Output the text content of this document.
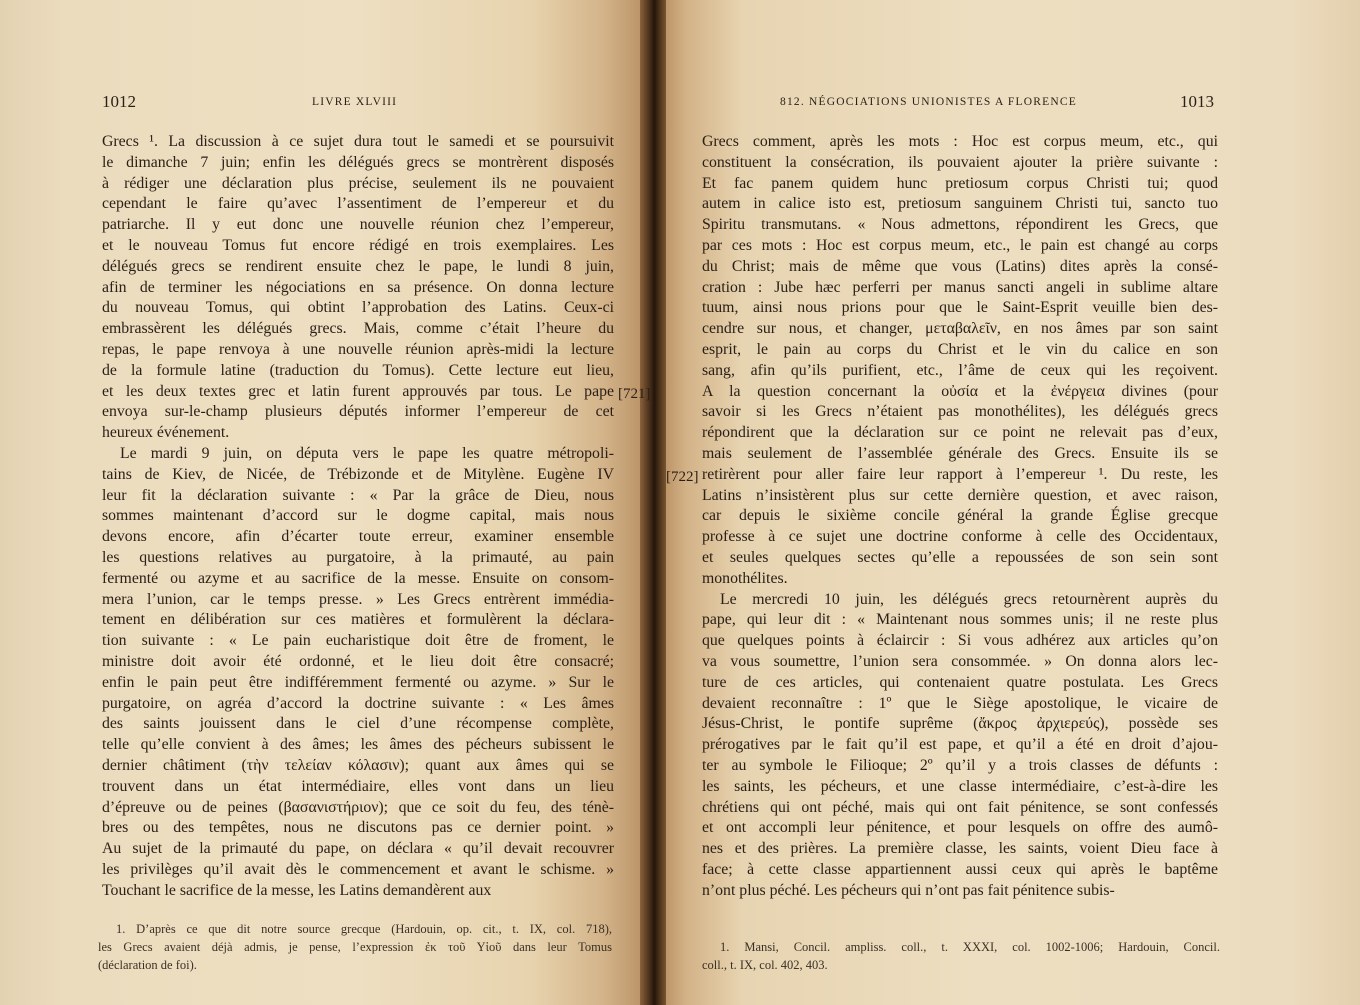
1012	LIVRE XLVIII
Grecs ¹. La discussion à ce sujet dura tout le samedi et se poursuivit
le dimanche 7 juin; enfin les délégués grecs se montrèrent disposés
à rédiger une déclaration plus précise, seulement ils ne pouvaient
cependant le faire qu’avec l’assentiment de l’empereur et du
patriarche. Il y eut donc une nouvelle réunion chez l’empereur,
et le nouveau Tomus fut encore rédigé en trois exemplaires. Les
délégués grecs se rendirent ensuite chez le pape, le lundi 8 juin,
afin de terminer les négociations en sa présence. On donna lecture
du nouveau Tomus, qui obtint l’approbation des Latins. Ceux-ci
embrassèrent les délégués grecs. Mais, comme c’était l’heure du
repas, le pape renvoya à une nouvelle réunion après-midi la lecture
de la formule latine (traduction du Tomus). Cette lecture eut lieu,
et les deux textes grec et latin furent approuvés par tous. Le pape
envoya sur-le-champ plusieurs députés informer l’empereur de cet
heureux événement.
Le mardi 9 juin, on députa vers le pape les quatre métropoli-
tains de Kiev, de Nicée, de Trébizonde et de Mitylène. Eugène IV
leur fit la déclaration suivante : « Par la grâce de Dieu, nous
sommes maintenant d’accord sur le dogme capital, mais nous
devons encore, afin d’écarter toute erreur, examiner ensemble
les questions relatives au purgatoire, à la primauté, au pain
fermenté ou azyme et au sacrifice de la messe. Ensuite on consom-
mera l’union, car le temps presse. » Les Grecs entrèrent immédia-
tement en délibération sur ces matières et formulèrent la déclara-
tion suivante : « Le pain eucharistique doit être de froment, le
ministre doit avoir été ordonné, et le lieu doit être consacré;
enfin le pain peut être indifféremment fermenté ou azyme. » Sur le
purgatoire, on agréa d’accord la doctrine suivante : « Les âmes
des saints jouissent dans le ciel d’une récompense complète,
telle qu’elle convient à des âmes; les âmes des pécheurs subissent le
dernier châtiment (τὴν τελείαν κόλασιν); quant aux âmes qui se
trouvent dans un état intermédiaire, elles vont dans un lieu
d’épreuve ou de peines (βασανιστήριον); que ce soit du feu, des ténè-
bres ou des tempêtes, nous ne discutons pas ce dernier point. »
Au sujet de la primauté du pape, on déclara « qu’il devait recouvrer
les privilèges qu’il avait dès le commencement et avant le schisme. »
Touchant le sacrifice de la messe, les Latins demandèrent aux
1. D’après ce que dit notre source grecque (Hardouin, op. cit., t. IX, col. 718),
les Grecs avaient déjà admis, je pense, l’expression ἐκ τοῦ Υἱοῦ dans leur Tomus
(déclaration de foi).
812. NÉGOCIATIONS UNIONISTES A FLORENCE	1013
Grecs comment, après les mots : Hoc est corpus meum, etc., qui
constituent la consécration, ils pouvaient ajouter la prière suivante :
Et fac panem quidem hunc pretiosum corpus Christi tui; quod
autem in calice isto est, pretiosum sanguinem Christi tui, sancto tuo
Spiritu transmutans. « Nous admettons, répondirent les Grecs, que
par ces mots : Hoc est corpus meum, etc., le pain est changé au corps
du Christ; mais de même que vous (Latins) dites après la consé-
cration : Jube hæc perferri per manus sancti angeli in sublime altare
tuum, ainsi nous prions pour que le Saint-Esprit veuille bien des-
cendre sur nous, et changer, μεταβαλεῖν, en nos âmes par son saint
esprit, le pain au corps du Christ et le vin du calice en son
sang, afin qu’ils purifient, etc., l’âme de ceux qui les reçoivent.
A la question concernant la οὐσία et la ἐνέργεια divines (pour
savoir si les Grecs n’étaient pas monothélites), les délégués grecs
répondirent que la déclaration sur ce point ne relevait pas d’eux,
mais seulement de l’assemblée générale des Grecs. Ensuite ils se
retirèrent pour aller faire leur rapport à l’empereur ¹. Du reste, les
Latins n’insistèrent plus sur cette dernière question, et avec raison,
car depuis le sixième concile général la grande Église grecque
professe à ce sujet une doctrine conforme à celle des Occidentaux,
et seules quelques sectes qu’elle a repoussées de son sein sont
monothélites.
Le mercredi 10 juin, les délégués grecs retournèrent auprès du
pape, qui leur dit : « Maintenant nous sommes unis; il ne reste plus
que quelques points à éclaircir : Si vous adhérez aux articles qu’on
va vous soumettre, l’union sera consommée. » On donna alors lec-
ture de ces articles, qui contenaient quatre postulata. Les Grecs
devaient reconnaître : 1º que le Siège apostolique, le vicaire de
Jésus-Christ, le pontife suprême (ἄκρος ἀρχιερεύς), possède ses
prérogatives par le fait qu’il est pape, et qu’il a été en droit d’ajou-
ter au symbole le Filioque; 2º qu’il y a trois classes de défunts :
les saints, les pécheurs, et une classe intermédiaire, c’est-à-dire les
chrétiens qui ont péché, mais qui ont fait pénitence, se sont confessés
et ont accompli leur pénitence, et pour lesquels on offre des aumô-
nes et des prières. La première classe, les saints, voient Dieu face à
face; à cette classe appartiennent aussi ceux qui après le baptême
n’ont plus péché. Les pécheurs qui n’ont pas fait pénitence subis-
1. Mansi, Concil. ampliss. coll., t. XXXI, col. 1002-1006; Hardouin, Concil.
coll., t. IX, col. 402, 403.
[721]
[722]
